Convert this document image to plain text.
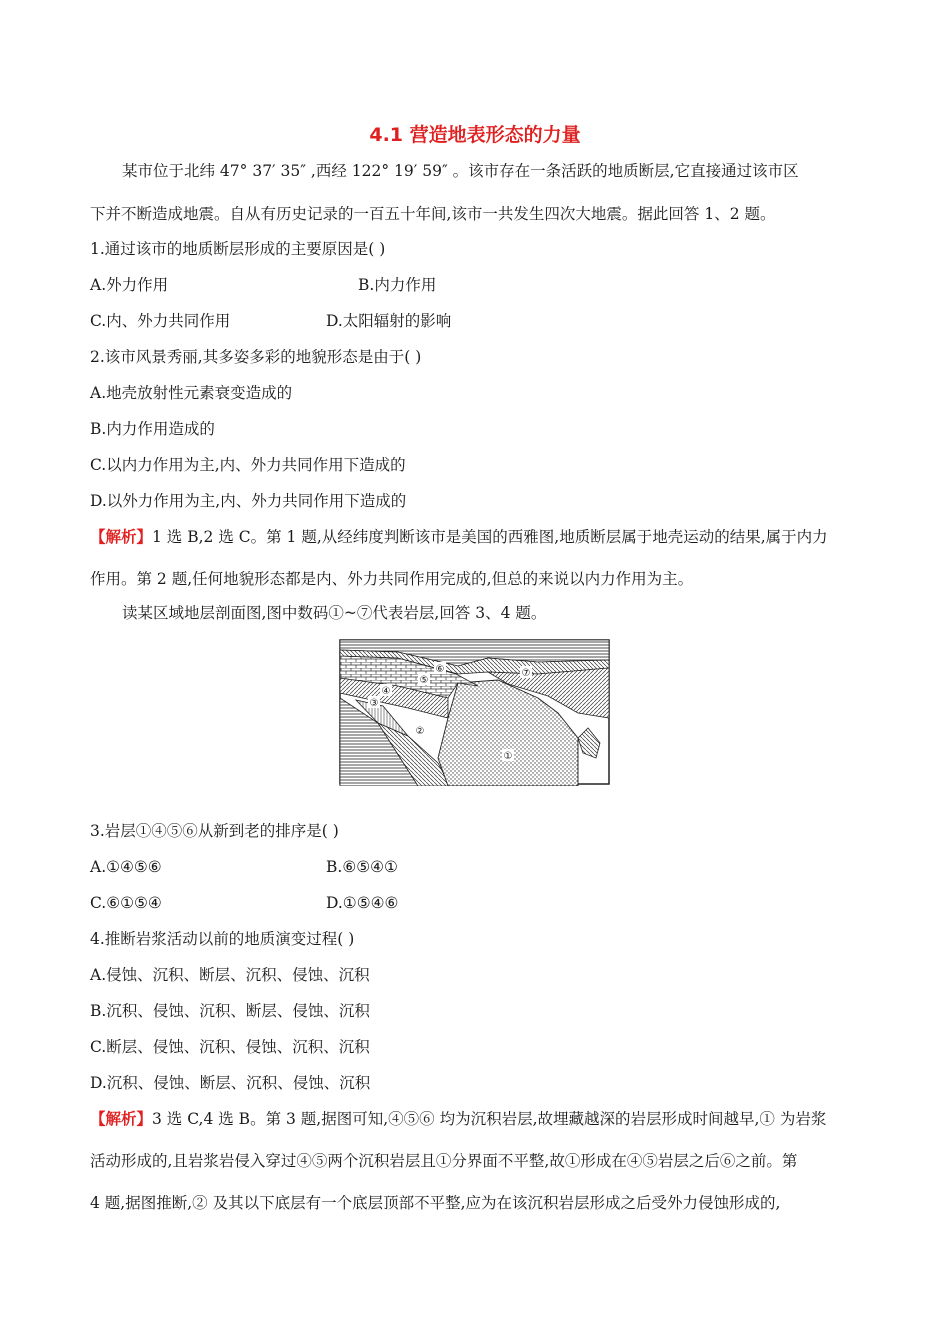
4.1 营造地表形态的力量
某市位于北纬 47° 37′ 35″ ,西经 122° 19′ 59″ 。该市存在一条活跃的地质断层,它直接通过该市区
下并不断造成地震。自从有历史记录的一百五十年间,该市一共发生四次大地震。据此回答 1、2 题。
1.通过该市的地质断层形成的主要原因是( )
A.外力作用	B.内力作用
C.内、外力共同作用	D.太阳辐射的影响
2.该市风景秀丽,其多姿多彩的地貌形态是由于( )
A.地壳放射性元素衰变造成的
B.内力作用造成的
C.以内力作用为主,内、外力共同作用下造成的
D.以外力作用为主,内、外力共同作用下造成的
【解析】1 选 B,2 选 C。第 1 题,从经纬度判断该市是美国的西雅图,地质断层属于地壳运动的结果,属于内力
作用。第 2 题,任何地貌形态都是内、外力共同作用完成的,但总的来说以内力作用为主。
读某区域地层剖面图,图中数码①~⑦代表岩层,回答 3、4 题。
①
②
③
④
⑤
⑥	⑦
3.岩层①④⑤⑥从新到老的排序是( )
A.①④⑤⑥	B.⑥⑤④①
C.⑥①⑤④	D.①⑤④⑥
4.推断岩浆活动以前的地质演变过程( )
A.侵蚀、沉积、断层、沉积、侵蚀、沉积
B.沉积、侵蚀、沉积、断层、侵蚀、沉积
C.断层、侵蚀、沉积、侵蚀、沉积、沉积
D.沉积、侵蚀、断层、沉积、侵蚀、沉积
【解析】3 选 C,4 选 B。第 3 题,据图可知,④⑤⑥ 均为沉积岩层,故埋藏越深的岩层形成时间越早,① 为岩浆
活动形成的,且岩浆岩侵入穿过④⑤两个沉积岩层且①分界面不平整,故①形成在④⑤岩层之后⑥之前。第
4 题,据图推断,② 及其以下底层有一个底层顶部不平整,应为在该沉积岩层形成之后受外力侵蚀形成的,
